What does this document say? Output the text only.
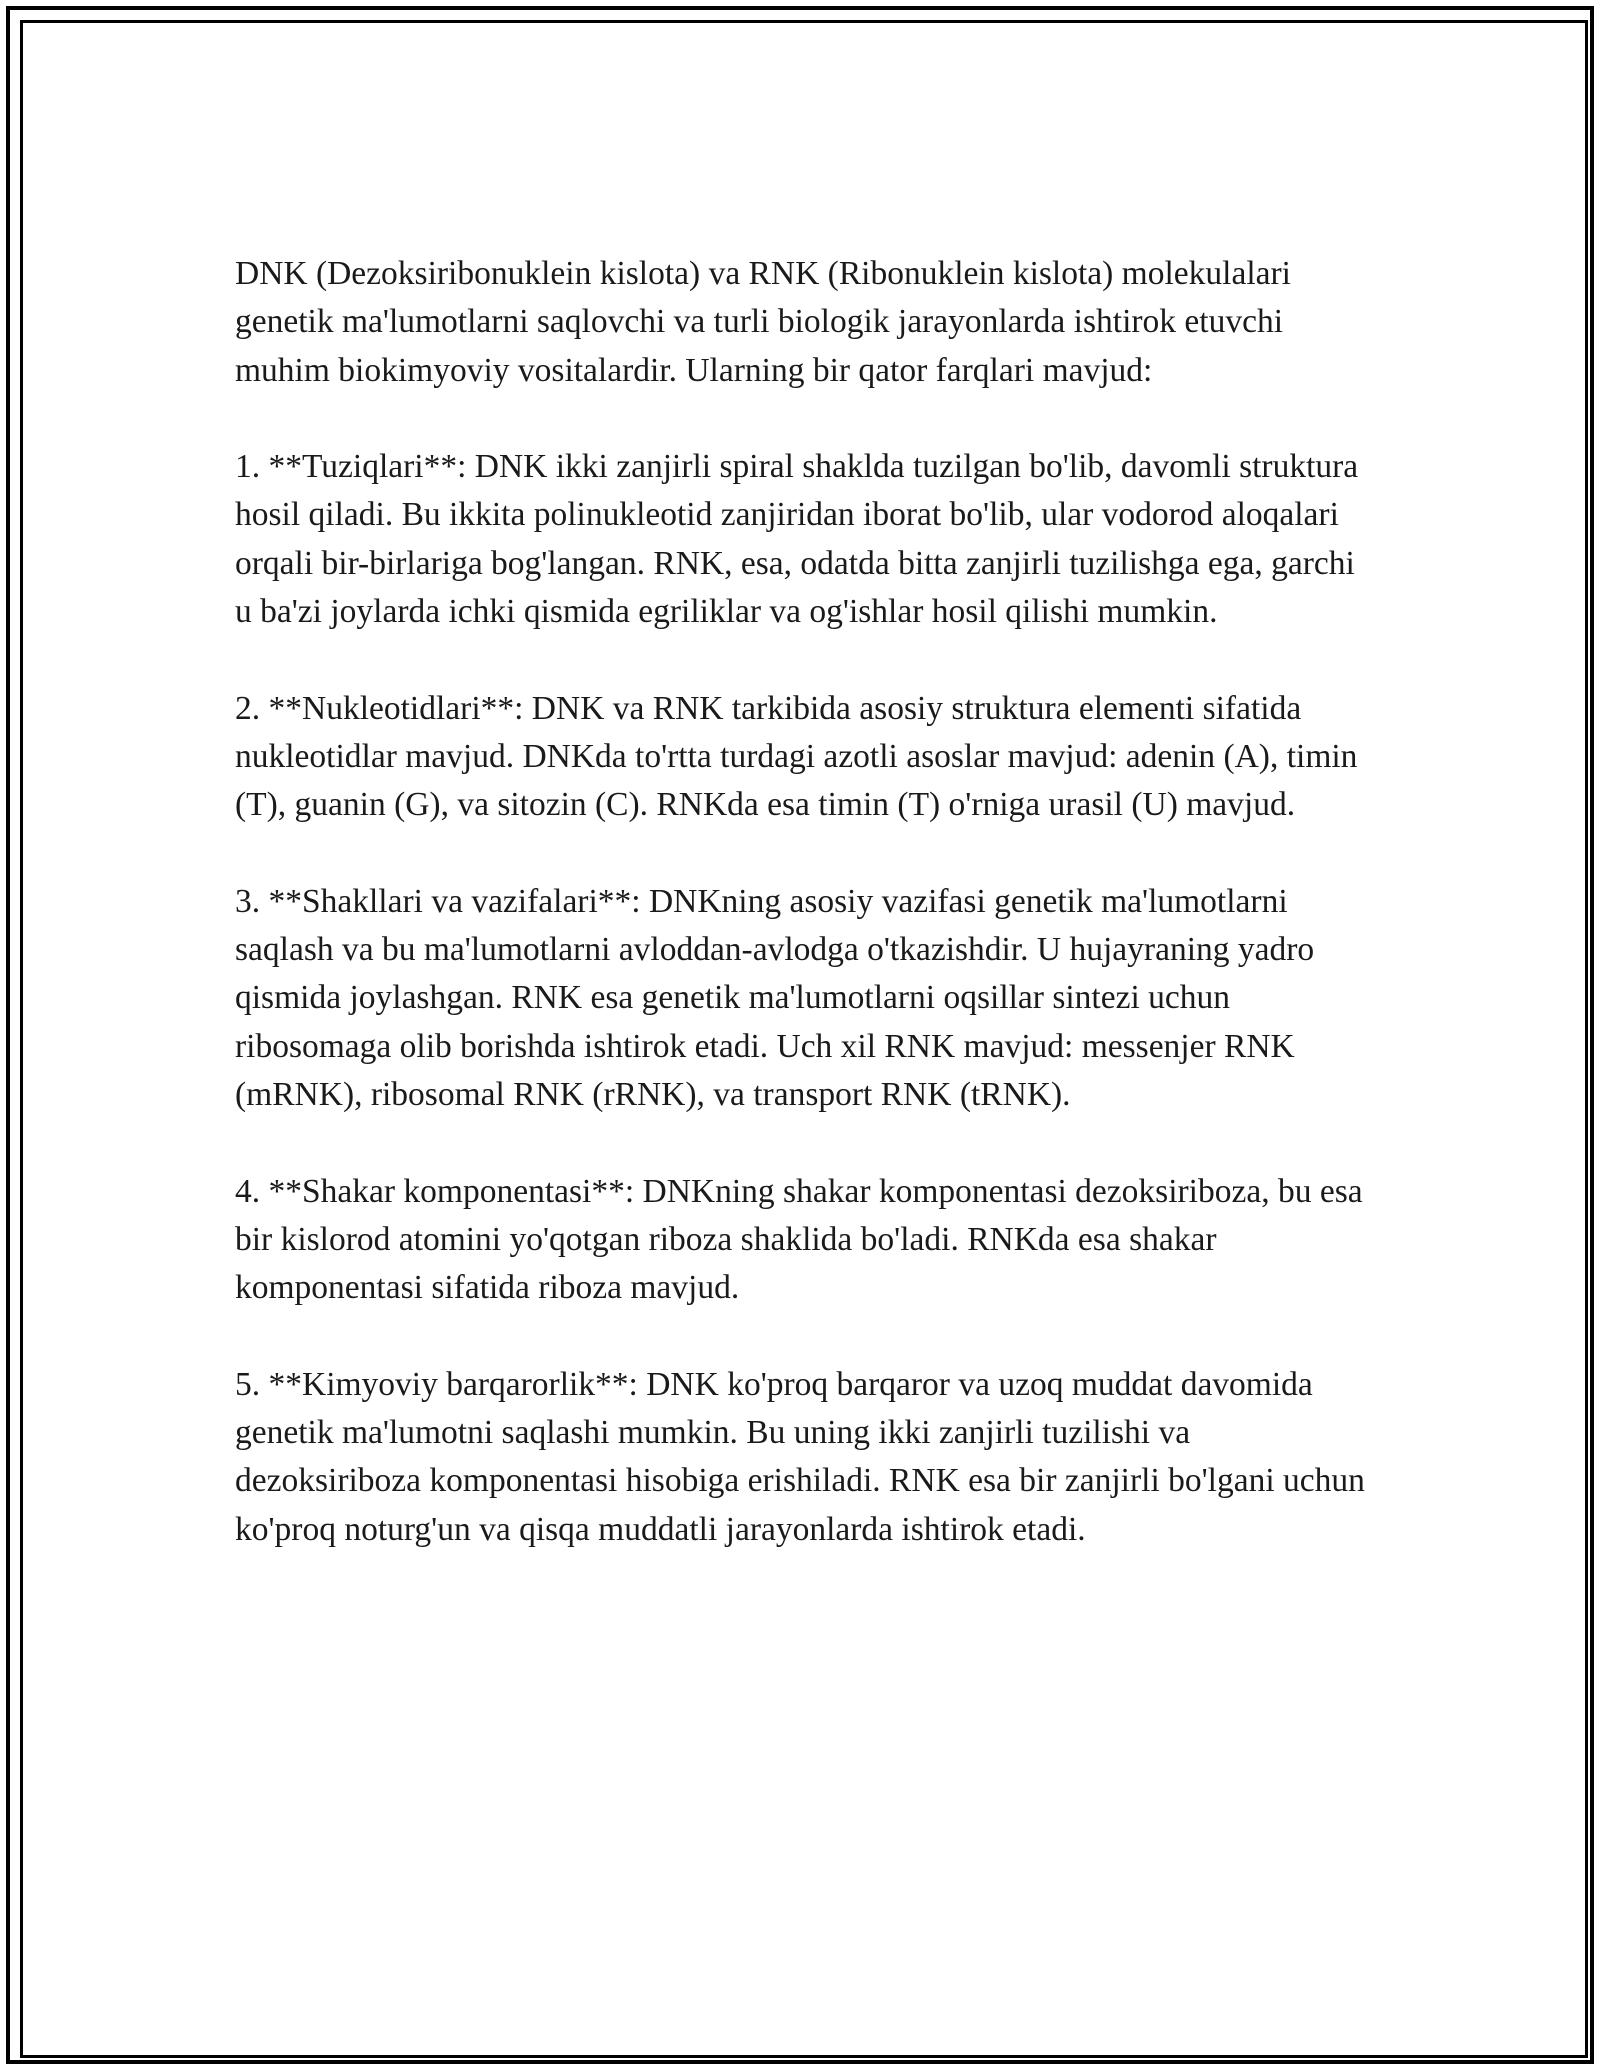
DNK (Dezoksiribonuklein kislota) va RNK (Ribonuklein kislota) molekulalari genetik ma'lumotlarni saqlovchi va turli biologik jarayonlarda ishtirok etuvchi muhim biokimyoviy vositalardir. Ularning bir qator farqlari mavjud:

1. **Tuziqlari**: DNK ikki zanjirli spiral shaklda tuzilgan bo'lib, davomli struktura hosil qiladi. Bu ikkita polinukleotid zanjiridan iborat bo'lib, ular vodorod aloqalari orqali bir-birlariga bog'langan. RNK, esa, odatda bitta zanjirli tuzilishga ega, garchi u ba'zi joylarda ichki qismida egriliklar va og'ishlar hosil qilishi mumkin.

2. **Nukleotidlari**: DNK va RNK tarkibida asosiy struktura elementi sifatida nukleotidlar mavjud. DNKda to'rtta turdagi azotli asoslar mavjud: adenin (A), timin (T), guanin (G), va sitozin (C). RNKda esa timin (T) o'rniga urasil (U) mavjud.

3. **Shakllari va vazifalari**: DNKning asosiy vazifasi genetik ma'lumotlarni saqlash va bu ma'lumotlarni avloddan-avlodga o'tkazishdir. U hujayraning yadro qismida joylashgan. RNK esa genetik ma'lumotlarni oqsillar sintezi uchun ribosomaga olib borishda ishtirok etadi. Uch xil RNK mavjud: messenjer RNK (mRNK), ribosomal RNK (rRNK), va transport RNK (tRNK).

4. **Shakar komponentasi**: DNKning shakar komponentasi dezoksiriboza, bu esa bir kislorod atomini yo'qotgan riboza shaklida bo'ladi. RNKda esa shakar komponentasi sifatida riboza mavjud.

5. **Kimyoviy barqarorlik**: DNK ko'proq barqaror va uzoq muddat davomida genetik ma'lumotni saqlashi mumkin. Bu uning ikki zanjirli tuzilishi va dezoksiriboza komponentasi hisobiga erishiladi. RNK esa bir zanjirli bo'lgani uchun ko'proq noturg'un va qisqa muddatli jarayonlarda ishtirok etadi.
